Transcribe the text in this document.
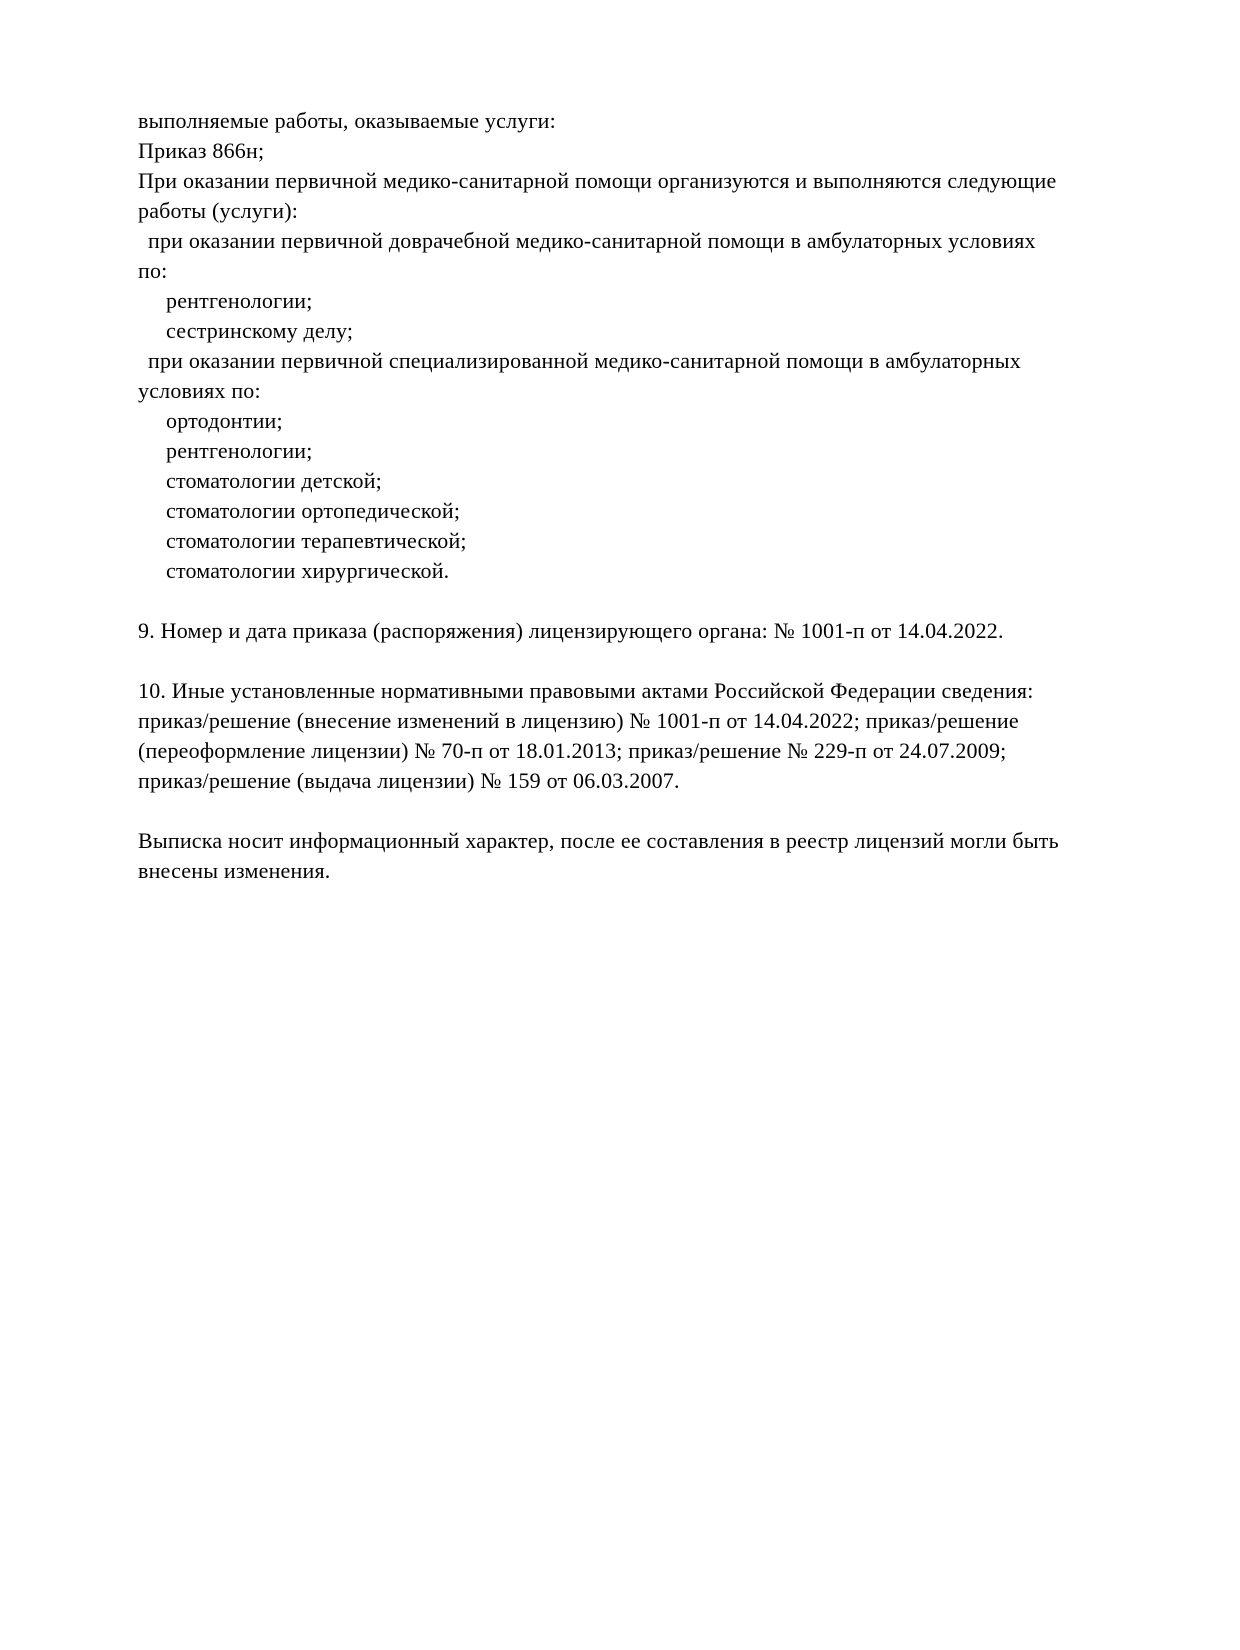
выполняемые работы, оказываемые услуги:
Приказ 866н;
При оказании первичной медико-санитарной помощи организуются и выполняются следующие
работы (услуги):
при оказании первичной доврачебной медико-санитарной помощи в амбулаторных условиях
по:
рентгенологии;
сестринскому делу;
при оказании первичной специализированной медико-санитарной помощи в амбулаторных
условиях по:
ортодонтии;
рентгенологии;
стоматологии детской;
стоматологии ортопедической;
стоматологии терапевтической;
стоматологии хирургической.
9. Номер и дата приказа (распоряжения) лицензирующего органа: № 1001-п от 14.04.2022.
10. Иные установленные нормативными правовыми актами Российской Федерации сведения:
приказ/решение (внесение изменений в лицензию) № 1001-п от 14.04.2022; приказ/решение
(переоформление лицензии) № 70-п от 18.01.2013; приказ/решение № 229-п от 24.07.2009;
приказ/решение (выдача лицензии) № 159 от 06.03.2007.
Выписка носит информационный характер, после ее составления в реестр лицензий могли быть
внесены изменения.
